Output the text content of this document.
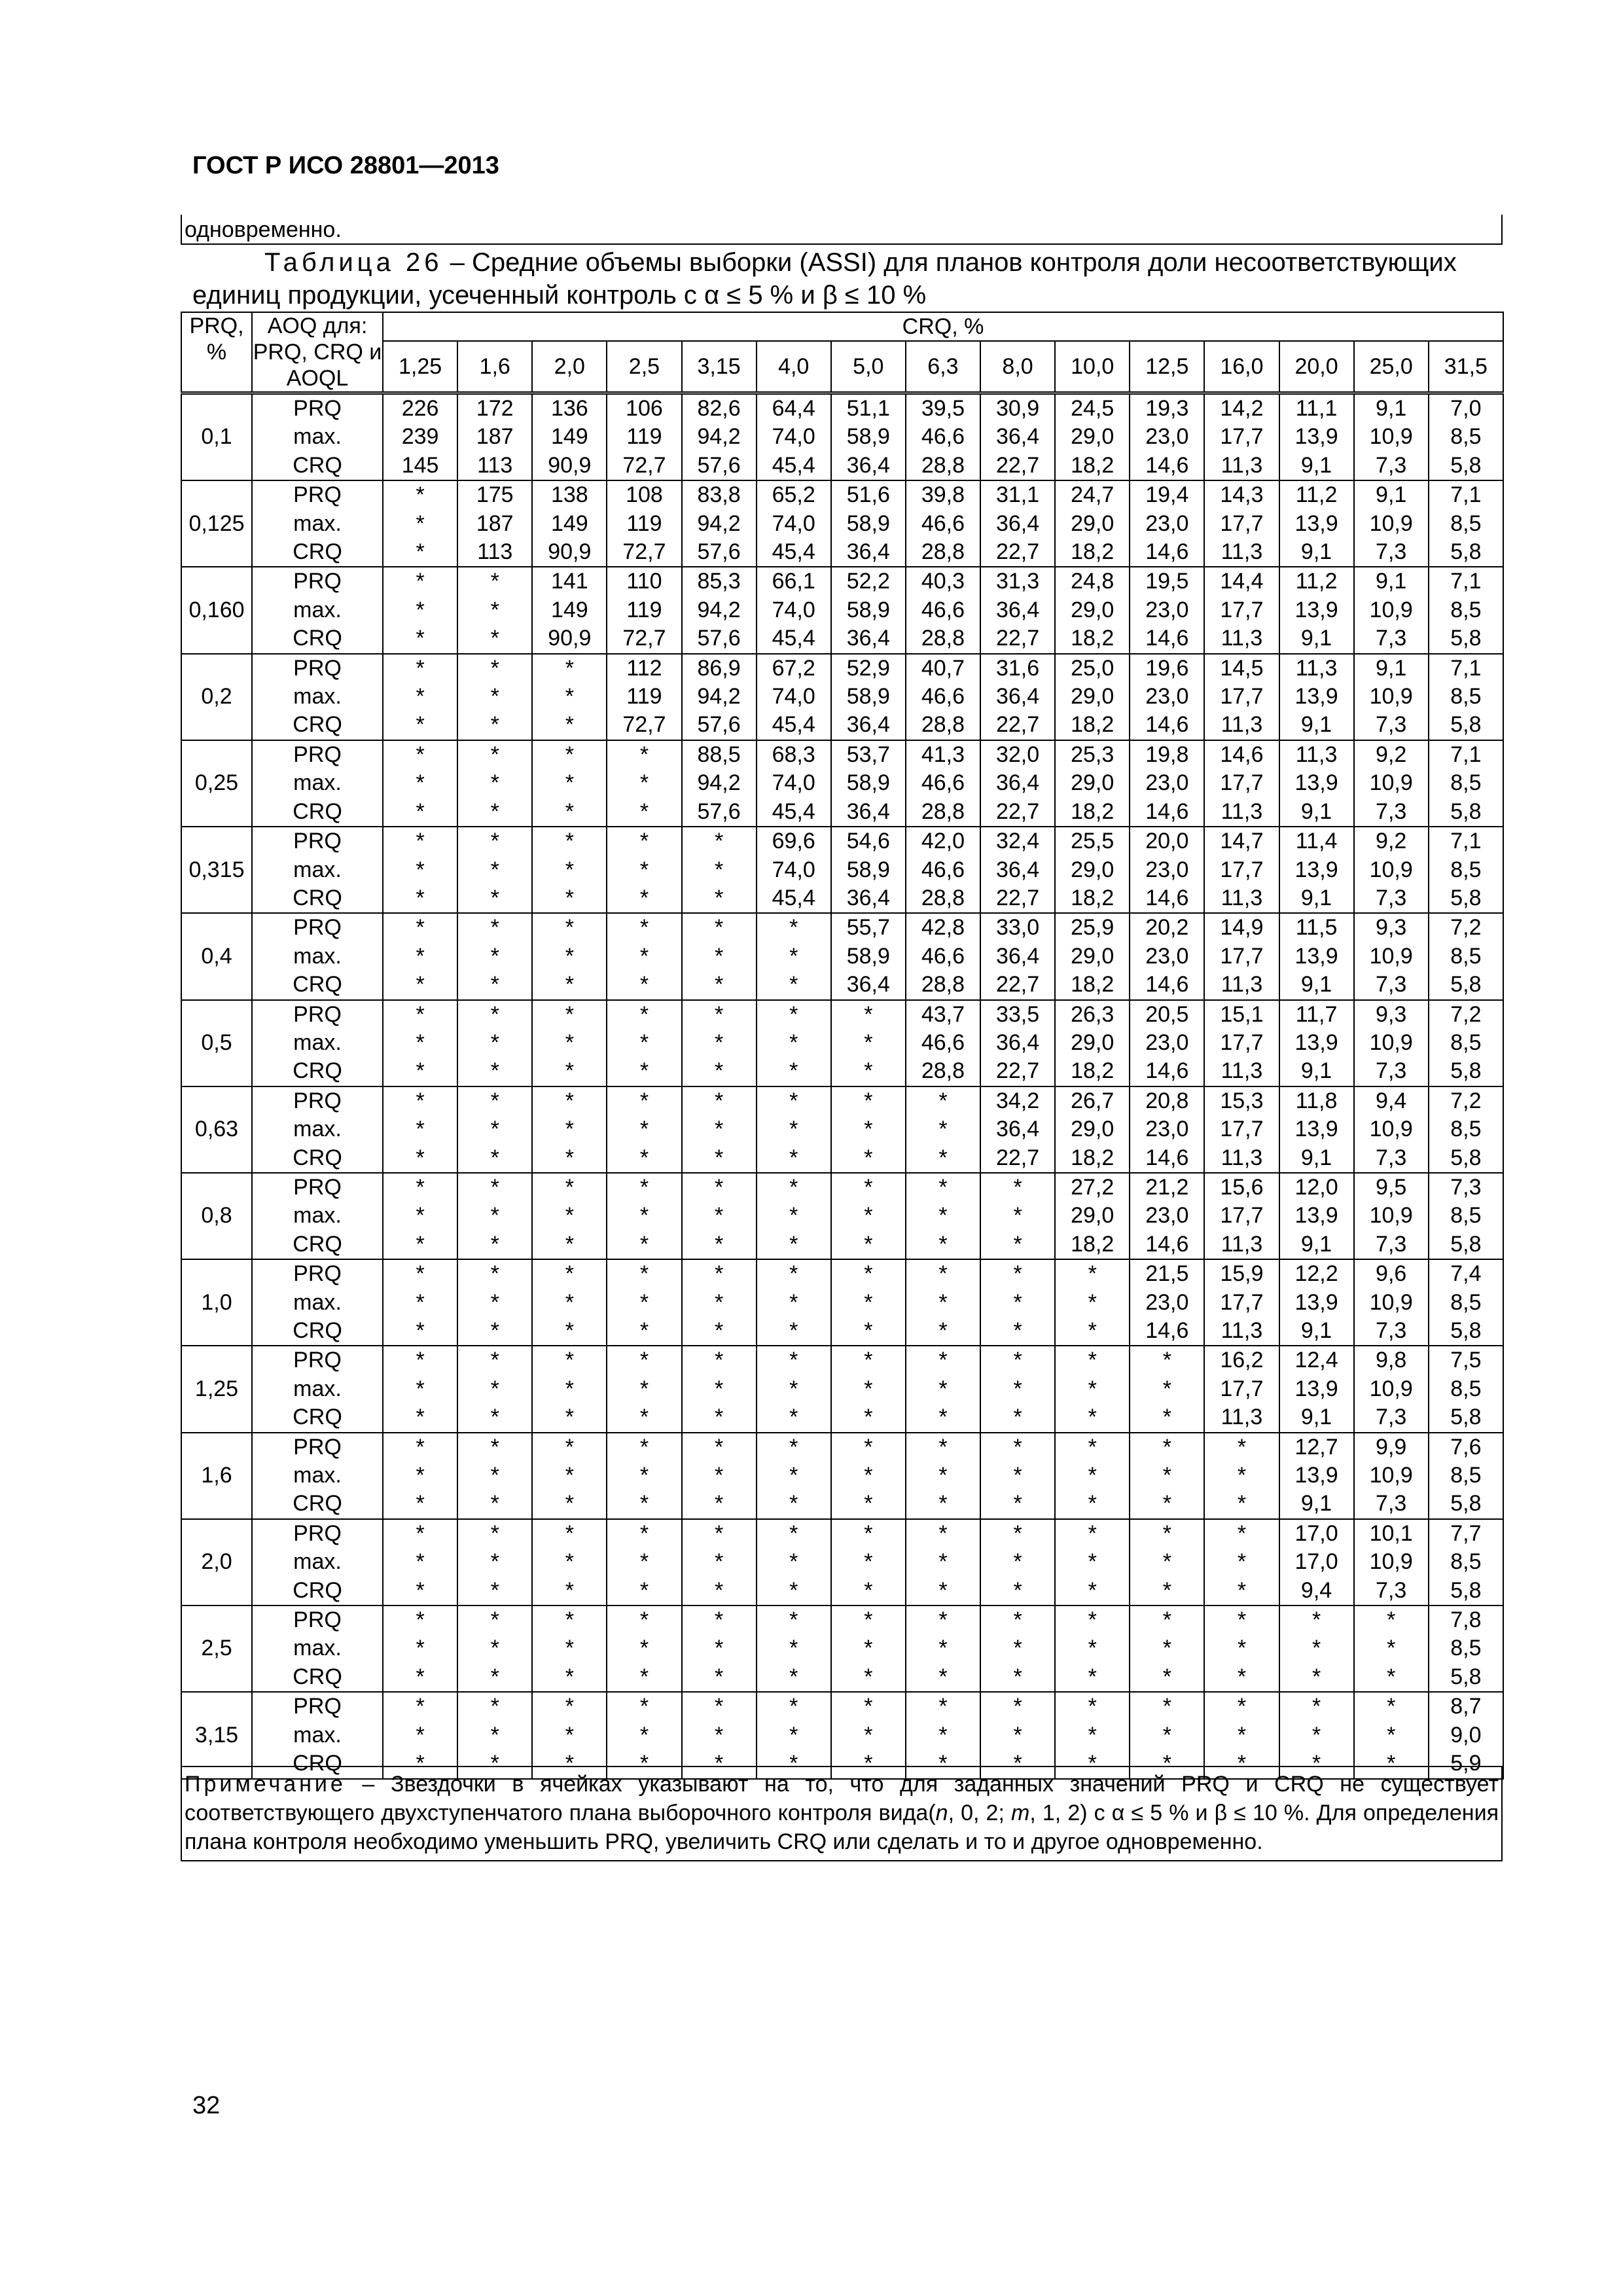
ГОСТ Р ИСО 28801—2013
одновременно.
Таблица 26 – Средние объемы выборки (ASSI) для планов контроля доли несоответствующих
единиц продукции, усеченный контроль с α ≤ 5 % и β ≤ 10 %
PRQ, %	AOQ для: PRQ, CRQ и AOQL	CRQ, %														
		1,25	1,6	2,0	2,5	3,15	4,0	5,0	6,3	8,0	10,0	12,5	16,0	20,0	25,0	31,5
0,1	PRQ	226	172	136	106	82,6	64,4	51,1	39,5	30,9	24,5	19,3	14,2	11,1	9,1	7,0
	max.	239	187	149	119	94,2	74,0	58,9	46,6	36,4	29,0	23,0	17,7	13,9	10,9	8,5
	CRQ	145	113	90,9	72,7	57,6	45,4	36,4	28,8	22,7	18,2	14,6	11,3	9,1	7,3	5,8
0,125	PRQ	*	175	138	108	83,8	65,2	51,6	39,8	31,1	24,7	19,4	14,3	11,2	9,1	7,1
	max.	*	187	149	119	94,2	74,0	58,9	46,6	36,4	29,0	23,0	17,7	13,9	10,9	8,5
	CRQ	*	113	90,9	72,7	57,6	45,4	36,4	28,8	22,7	18,2	14,6	11,3	9,1	7,3	5,8
0,160	PRQ	*	*	141	110	85,3	66,1	52,2	40,3	31,3	24,8	19,5	14,4	11,2	9,1	7,1
	max.	*	*	149	119	94,2	74,0	58,9	46,6	36,4	29,0	23,0	17,7	13,9	10,9	8,5
	CRQ	*	*	90,9	72,7	57,6	45,4	36,4	28,8	22,7	18,2	14,6	11,3	9,1	7,3	5,8
0,2	PRQ	*	*	*	112	86,9	67,2	52,9	40,7	31,6	25,0	19,6	14,5	11,3	9,1	7,1
	max.	*	*	*	119	94,2	74,0	58,9	46,6	36,4	29,0	23,0	17,7	13,9	10,9	8,5
	CRQ	*	*	*	72,7	57,6	45,4	36,4	28,8	22,7	18,2	14,6	11,3	9,1	7,3	5,8
0,25	PRQ	*	*	*	*	88,5	68,3	53,7	41,3	32,0	25,3	19,8	14,6	11,3	9,2	7,1
	max.	*	*	*	*	94,2	74,0	58,9	46,6	36,4	29,0	23,0	17,7	13,9	10,9	8,5
	CRQ	*	*	*	*	57,6	45,4	36,4	28,8	22,7	18,2	14,6	11,3	9,1	7,3	5,8
0,315	PRQ	*	*	*	*	*	69,6	54,6	42,0	32,4	25,5	20,0	14,7	11,4	9,2	7,1
	max.	*	*	*	*	*	74,0	58,9	46,6	36,4	29,0	23,0	17,7	13,9	10,9	8,5
	CRQ	*	*	*	*	*	45,4	36,4	28,8	22,7	18,2	14,6	11,3	9,1	7,3	5,8
0,4	PRQ	*	*	*	*	*	*	55,7	42,8	33,0	25,9	20,2	14,9	11,5	9,3	7,2
	max.	*	*	*	*	*	*	58,9	46,6	36,4	29,0	23,0	17,7	13,9	10,9	8,5
	CRQ	*	*	*	*	*	*	36,4	28,8	22,7	18,2	14,6	11,3	9,1	7,3	5,8
0,5	PRQ	*	*	*	*	*	*	*	43,7	33,5	26,3	20,5	15,1	11,7	9,3	7,2
	max.	*	*	*	*	*	*	*	46,6	36,4	29,0	23,0	17,7	13,9	10,9	8,5
	CRQ	*	*	*	*	*	*	*	28,8	22,7	18,2	14,6	11,3	9,1	7,3	5,8
0,63	PRQ	*	*	*	*	*	*	*	*	34,2	26,7	20,8	15,3	11,8	9,4	7,2
	max.	*	*	*	*	*	*	*	*	36,4	29,0	23,0	17,7	13,9	10,9	8,5
	CRQ	*	*	*	*	*	*	*	*	22,7	18,2	14,6	11,3	9,1	7,3	5,8
0,8	PRQ	*	*	*	*	*	*	*	*	*	27,2	21,2	15,6	12,0	9,5	7,3
	max.	*	*	*	*	*	*	*	*	*	29,0	23,0	17,7	13,9	10,9	8,5
	CRQ	*	*	*	*	*	*	*	*	*	18,2	14,6	11,3	9,1	7,3	5,8
1,0	PRQ	*	*	*	*	*	*	*	*	*	*	21,5	15,9	12,2	9,6	7,4
	max.	*	*	*	*	*	*	*	*	*	*	23,0	17,7	13,9	10,9	8,5
	CRQ	*	*	*	*	*	*	*	*	*	*	14,6	11,3	9,1	7,3	5,8
1,25	PRQ	*	*	*	*	*	*	*	*	*	*	*	16,2	12,4	9,8	7,5
	max.	*	*	*	*	*	*	*	*	*	*	*	17,7	13,9	10,9	8,5
	CRQ	*	*	*	*	*	*	*	*	*	*	*	11,3	9,1	7,3	5,8
1,6	PRQ	*	*	*	*	*	*	*	*	*	*	*	*	12,7	9,9	7,6
	max.	*	*	*	*	*	*	*	*	*	*	*	*	13,9	10,9	8,5
	CRQ	*	*	*	*	*	*	*	*	*	*	*	*	9,1	7,3	5,8
2,0	PRQ	*	*	*	*	*	*	*	*	*	*	*	*	17,0	10,1	7,7
	max.	*	*	*	*	*	*	*	*	*	*	*	*	17,0	10,9	8,5
	CRQ	*	*	*	*	*	*	*	*	*	*	*	*	9,4	7,3	5,8
2,5	PRQ	*	*	*	*	*	*	*	*	*	*	*	*	*	*	7,8
	max.	*	*	*	*	*	*	*	*	*	*	*	*	*	*	8,5
	CRQ	*	*	*	*	*	*	*	*	*	*	*	*	*	*	5,8
3,15	PRQ	*	*	*	*	*	*	*	*	*	*	*	*	*	*	8,7
	max.	*	*	*	*	*	*	*	*	*	*	*	*	*	*	9,0
	CRQ	*	*	*	*	*	*	*	*	*	*	*	*	*	*	5,9
Примечание – Звездочки в ячейках указывают на то, что для заданных значений PRQ и CRQ не существует соответствующего двухступенчатого плана выборочного контроля вида(n, 0, 2; m, 1, 2) с α ≤ 5 % и β ≤ 10 %. Для определения плана контроля необходимо уменьшить PRQ, увеличить CRQ или сделать и то и другое одновременно.
32
